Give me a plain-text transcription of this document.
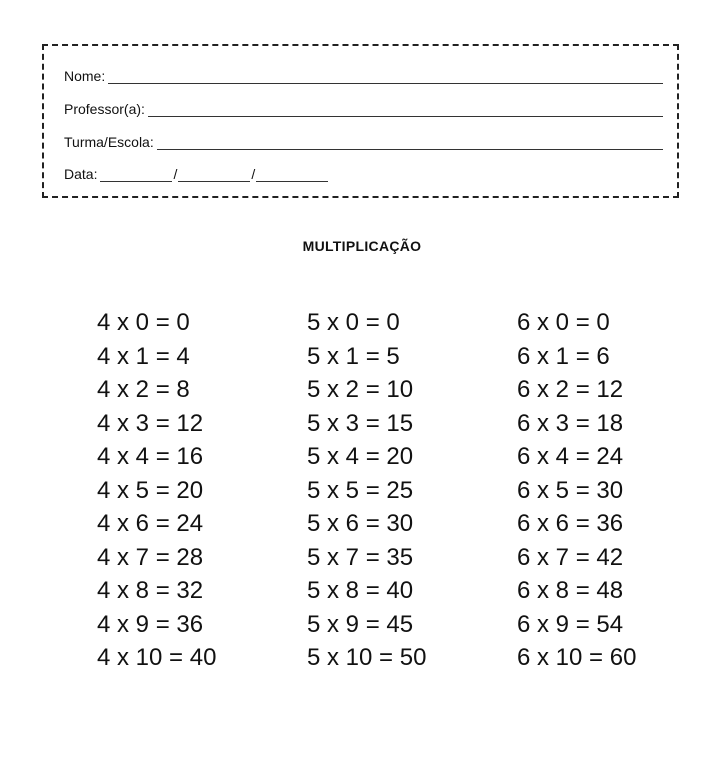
Nome:
Professor(a):
Turma/Escola:
Data:	/	/
MULTIPLICAÇÃO
4 x 0 = 0
4 x 1 = 4
4 x 2 = 8
4 x 3 = 12
4 x 4 = 16
4 x 5 = 20
4 x 6 = 24
4 x 7 = 28
4 x 8 = 32
4 x 9 = 36
4 x 10 = 40
5 x 0 = 0
5 x 1 = 5
5 x 2 = 10
5 x 3 = 15
5 x 4 = 20
5 x 5 = 25
5 x 6 = 30
5 x 7 = 35
5 x 8 = 40
5 x 9 = 45
5 x 10 = 50
6 x 0 = 0
6 x 1 = 6
6 x 2 = 12
6 x 3 = 18
6 x 4 = 24
6 x 5 = 30
6 x 6 = 36
6 x 7 = 42
6 x 8 = 48
6 x 9 = 54
6 x 10 = 60
